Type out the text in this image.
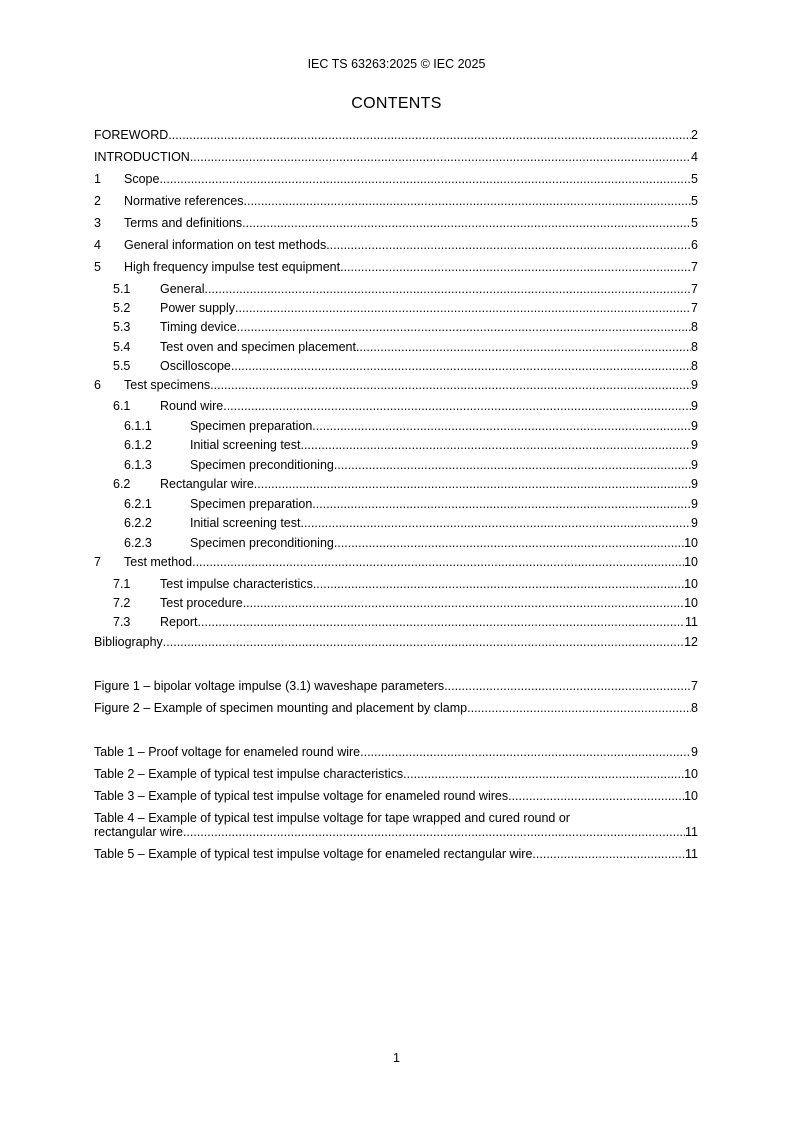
IEC TS 63263:2025 © IEC 2025
CONTENTS
FOREWORD .....	2
INTRODUCTION .....	4
1	Scope .....	5
2	Normative references .....	5
3	Terms and definitions .....	5
4	General information on test methods .....	6
5	High frequency impulse test equipment .....	7
5.1	General .....	7
5.2	Power supply .....	7
5.3	Timing device .....	8
5.4	Test oven and specimen placement .....	8
5.5	Oscilloscope .....	8
6	Test specimens .....	9
6.1	Round wire .....	9
6.1.1	Specimen preparation .....	9
6.1.2	Initial screening test .....	9
6.1.3	Specimen preconditioning .....	9
6.2	Rectangular wire .....	9
6.2.1	Specimen preparation .....	9
6.2.2	Initial screening test .....	9
6.2.3	Specimen preconditioning .....	10
7	Test method .....	10
7.1	Test impulse characteristics .....	10
7.2	Test procedure .....	10
7.3	Report .....	11
Bibliography .....	12
Figure 1 – bipolar voltage impulse (3.1) waveshape parameters .....	7
Figure 2 – Example of specimen mounting and placement by clamp .....	8
Table 1 – Proof voltage for enameled round wire .....	9
Table 2 – Example of typical test impulse characteristics .....	10
Table 3 – Example of typical test impulse voltage for enameled round wires .....	10
Table 4 – Example of typical test impulse voltage for tape wrapped and cured round or
rectangular wire .....	11
Table 5 – Example of typical test impulse voltage for enameled rectangular wire .....	11
1
